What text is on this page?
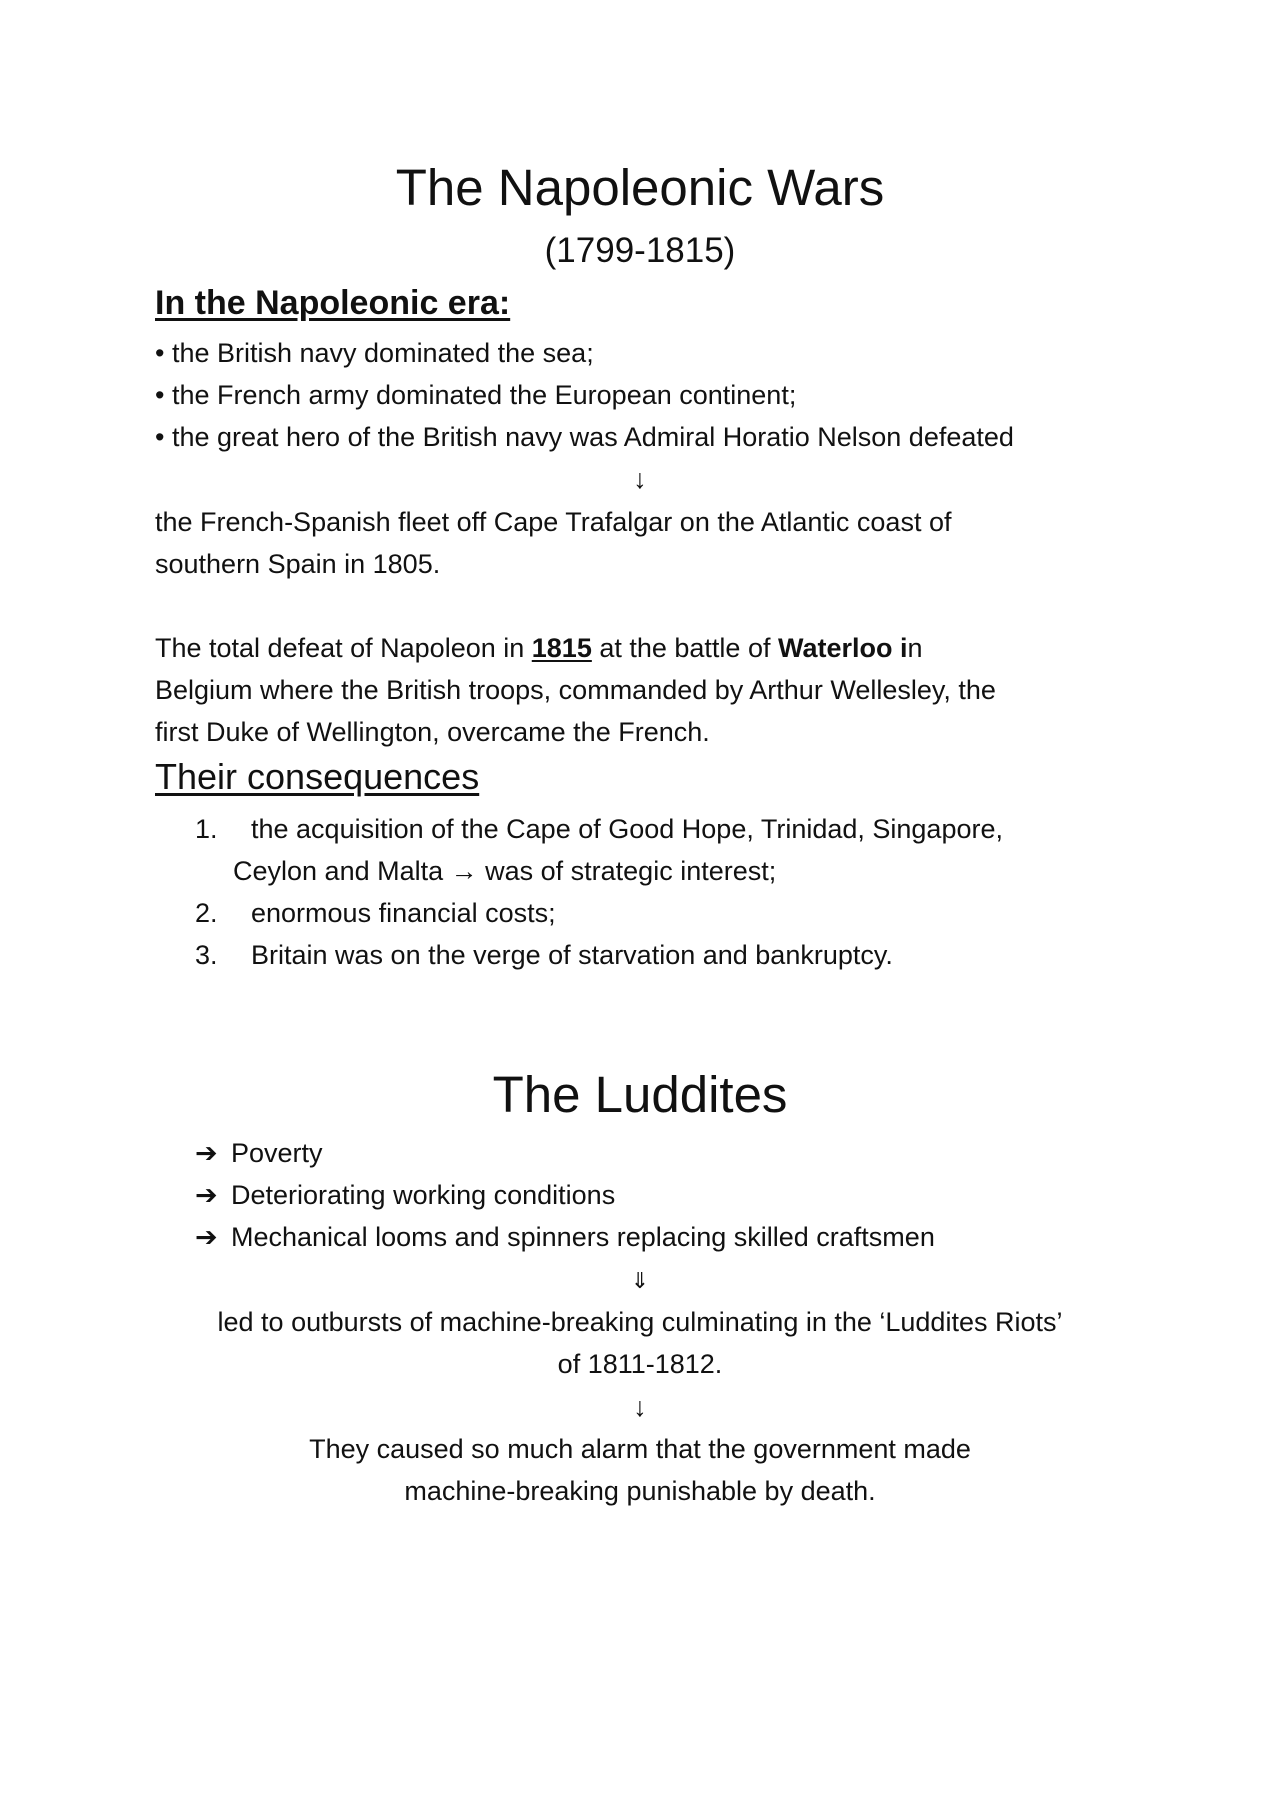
The Napoleonic Wars
(1799-1815)
In the Napoleonic era:
• the British navy dominated the sea;
• the French army dominated the European continent;
• the great hero of the British navy was Admiral Horatio Nelson defeated
↓
the French-Spanish fleet off Cape Trafalgar on the Atlantic coast of
southern Spain in 1805.
The total defeat of Napoleon in 1815 at the battle of Waterloo in
Belgium where the British troops, commanded by Arthur Wellesley, the
first Duke of Wellington, overcame the French.
Their consequences
1. the acquisition of the Cape of Good Hope, Trinidad, Singapore,
Ceylon and Malta → was of strategic interest;
2. enormous financial costs;
3. Britain was on the verge of starvation and bankruptcy.
The Luddites
➔ Poverty
➔ Deteriorating working conditions
➔ Mechanical looms and spinners replacing skilled craftsmen
⇓
led to outbursts of machine-breaking culminating in the ‘Luddites Riots’
of 1811-1812.
↓
They caused so much alarm that the government made
machine-breaking punishable by death.
